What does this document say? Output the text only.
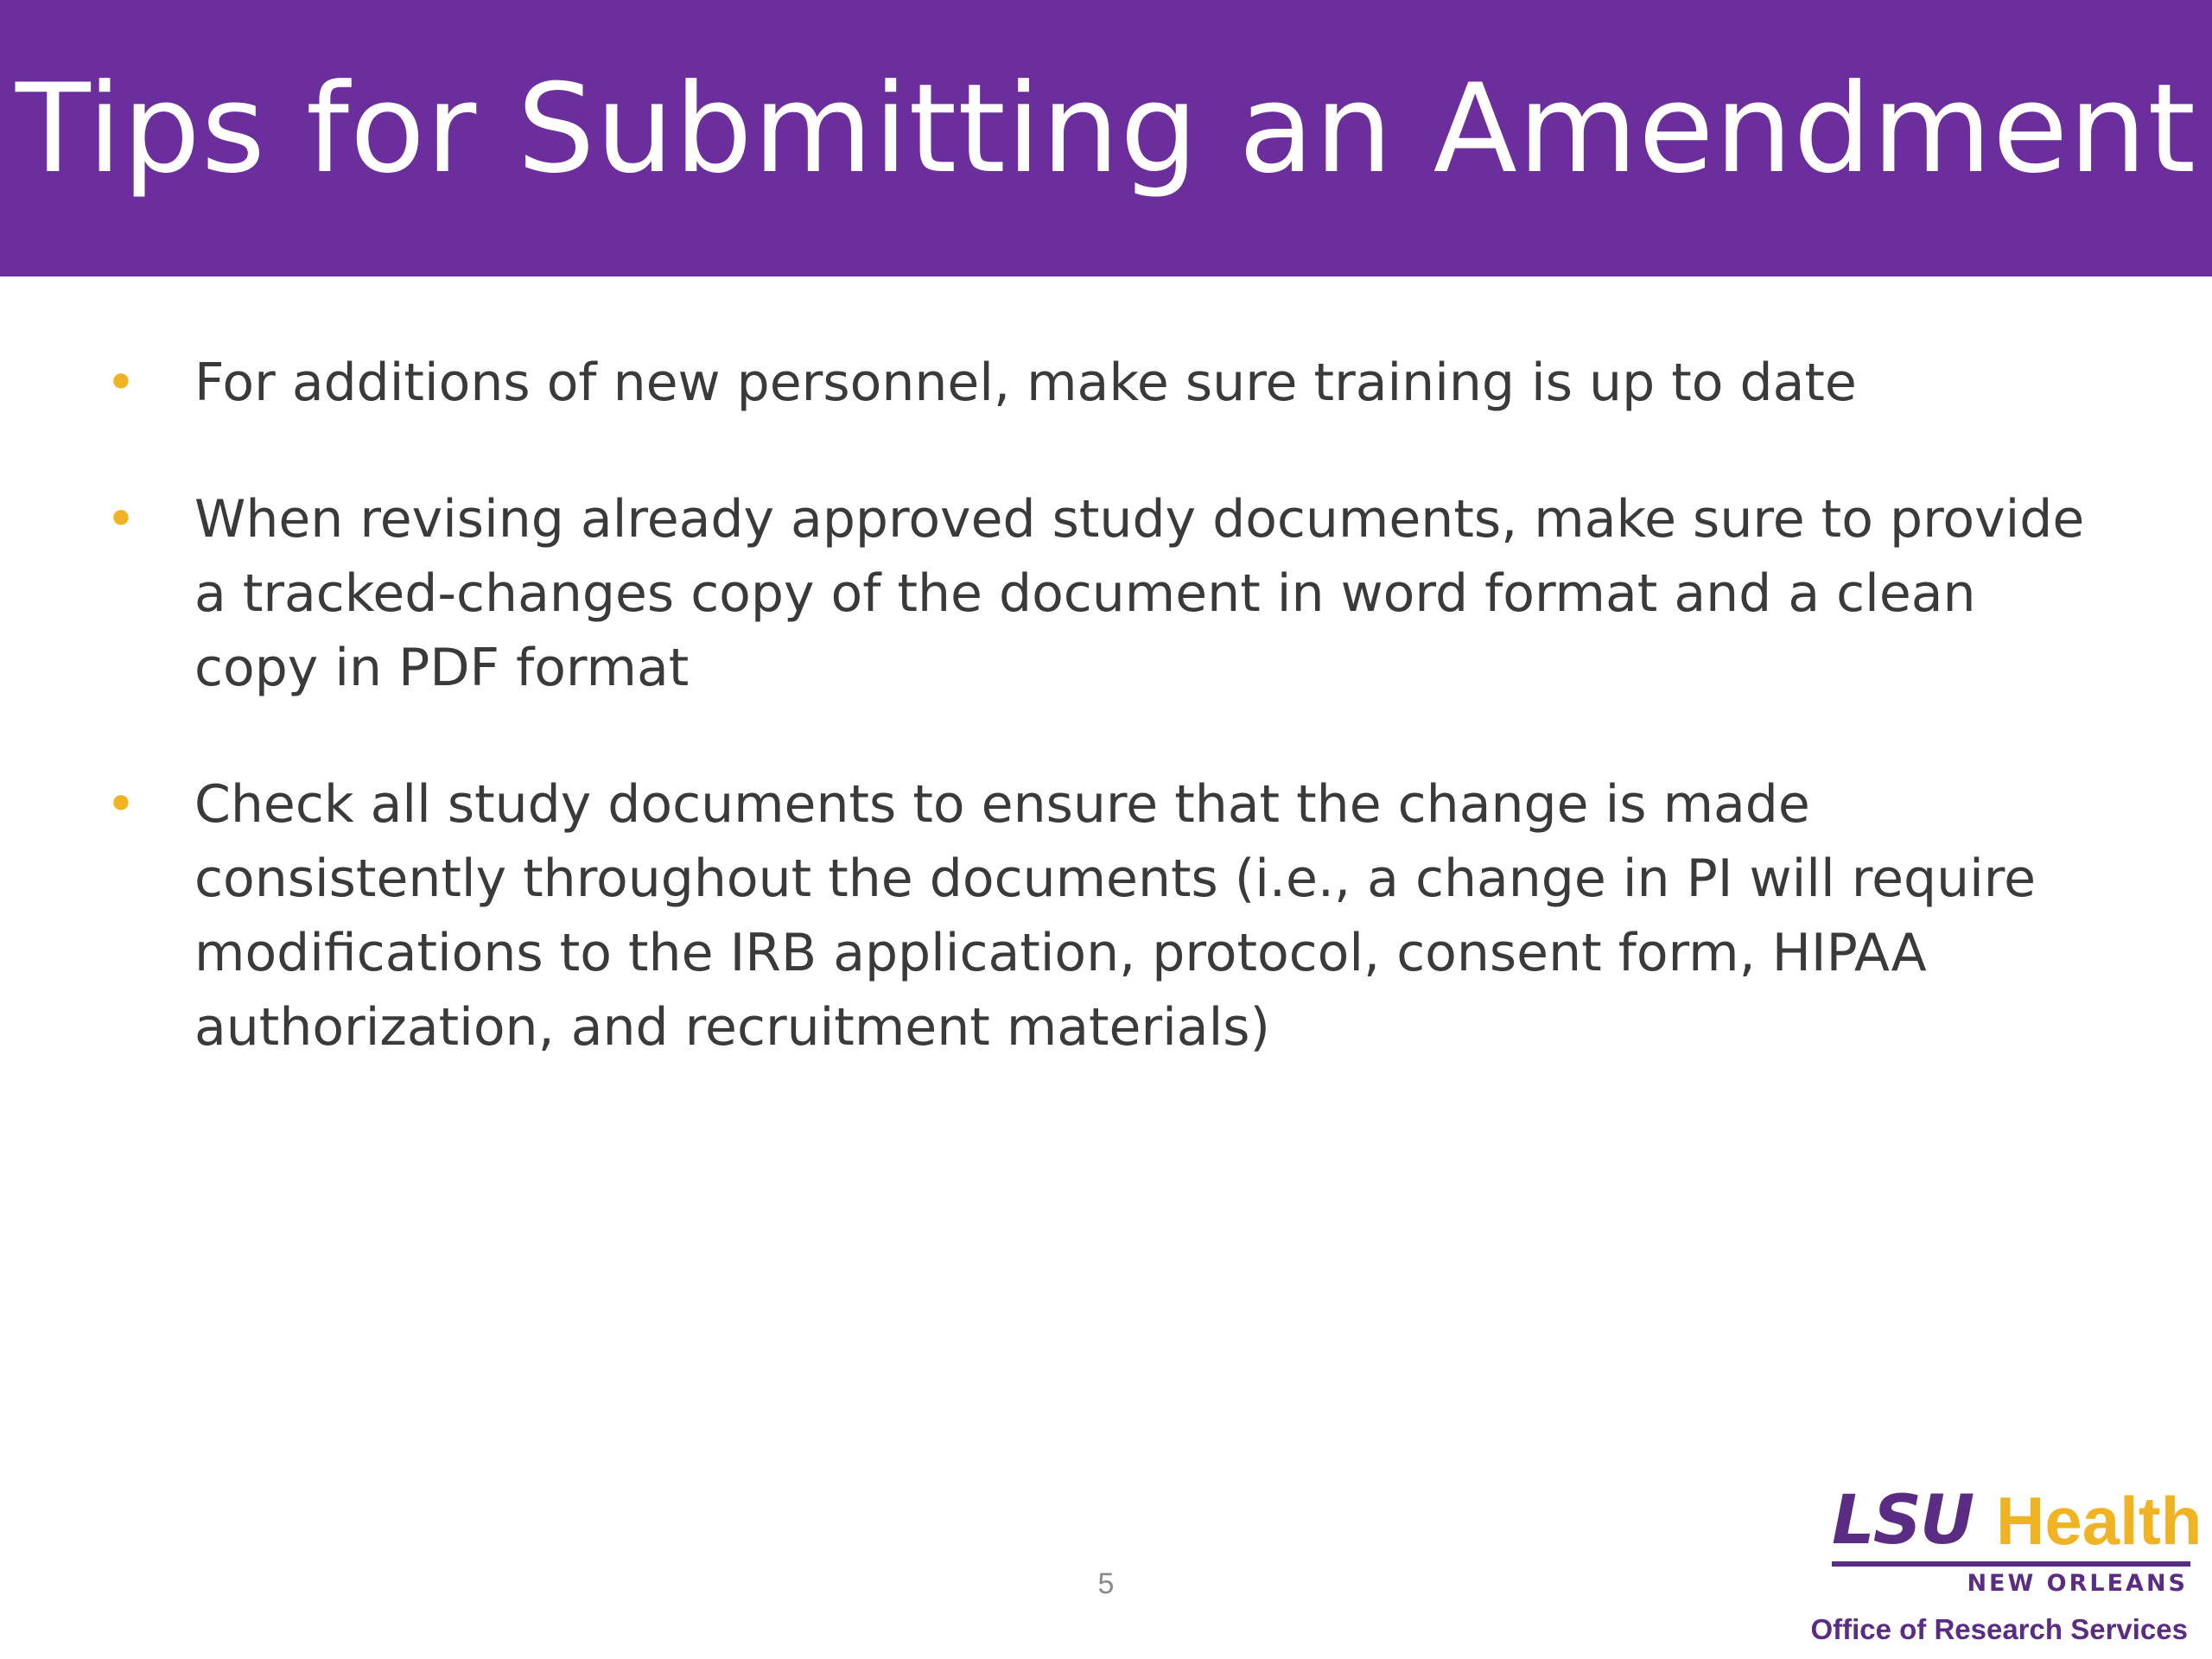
Tips for Submitting an Amendment
• For additions of new personnel, make sure training is up to date
• When revising already approved study documents, make sure to provide a tracked-changes copy of the document in word format and a clean copy in PDF format
• Check all study documents to ensure that the change is made consistently throughout the documents (i.e., a change in PI will require modifications to the IRB application, protocol, consent form, HIPAA authorization, and recruitment materials)
5
LSU Health
NEW ORLEANS
Office of Research Services
